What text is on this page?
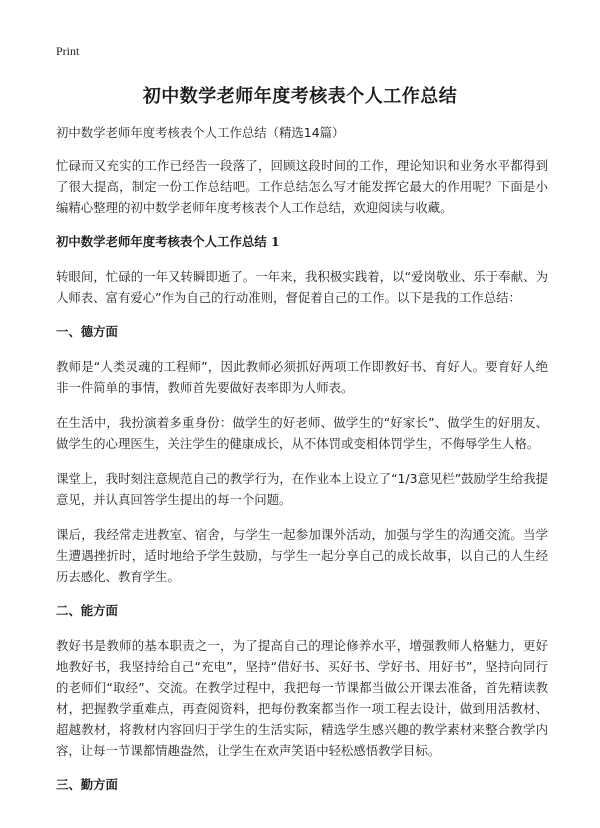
Print
初中数学老师年度考核表个人工作总结

初中数学老师年度考核表个人工作总结（精选14篇）

忙碌而又充实的工作已经告一段落了，回顾这段时间的工作，理论知识和业务水平都得到了很大提高，制定一份工作总结吧。工作总结怎么写才能发挥它最大的作用呢？下面是小编精心整理的初中数学老师年度考核表个人工作总结，欢迎阅读与收藏。

初中数学老师年度考核表个人工作总结 1

转眼间，忙碌的一年又转瞬即逝了。一年来，我积极实践着，以“爱岗敬业、乐于奉献、为人师表、富有爱心”作为自己的行动准则，督促着自己的工作。以下是我的工作总结：

一、德方面

教师是“人类灵魂的工程师”，因此教师必须抓好两项工作即教好书、育好人。要育好人绝非一件简单的事情，教师首先要做好表率即为人师表。

在生活中，我扮演着多重身份：做学生的好老师、做学生的“好家长”、做学生的好朋友、做学生的心理医生，关注学生的健康成长，从不体罚或变相体罚学生，不侮辱学生人格。

课堂上，我时刻注意规范自己的教学行为，在作业本上设立了“1/3意见栏”鼓励学生给我提意见，并认真回答学生提出的每一个问题。

课后，我经常走进教室、宿舍，与学生一起参加课外活动，加强与学生的沟通交流。当学生遭遇挫折时，适时地给予学生鼓励，与学生一起分享自己的成长故事，以自己的人生经历去感化、教育学生。

二、能方面

教好书是教师的基本职责之一，为了提高自己的理论修养水平，增强教师人格魅力，更好地教好书，我坚持给自己“充电”，坚持“借好书、买好书、学好书、用好书”，坚持向同行的老师们“取经”、交流。在教学过程中，我把每一节课都当做公开课去准备，首先精读教材，把握教学重难点，再查阅资料，把每份教案都当作一项工程去设计，做到用活教材、超越教材，将教材内容回归于学生的生活实际，精选学生感兴趣的教学素材来整合教学内容，让每一节课都情趣盎然，让学生在欢声笑语中轻松感悟教学目标。

三、勤方面
